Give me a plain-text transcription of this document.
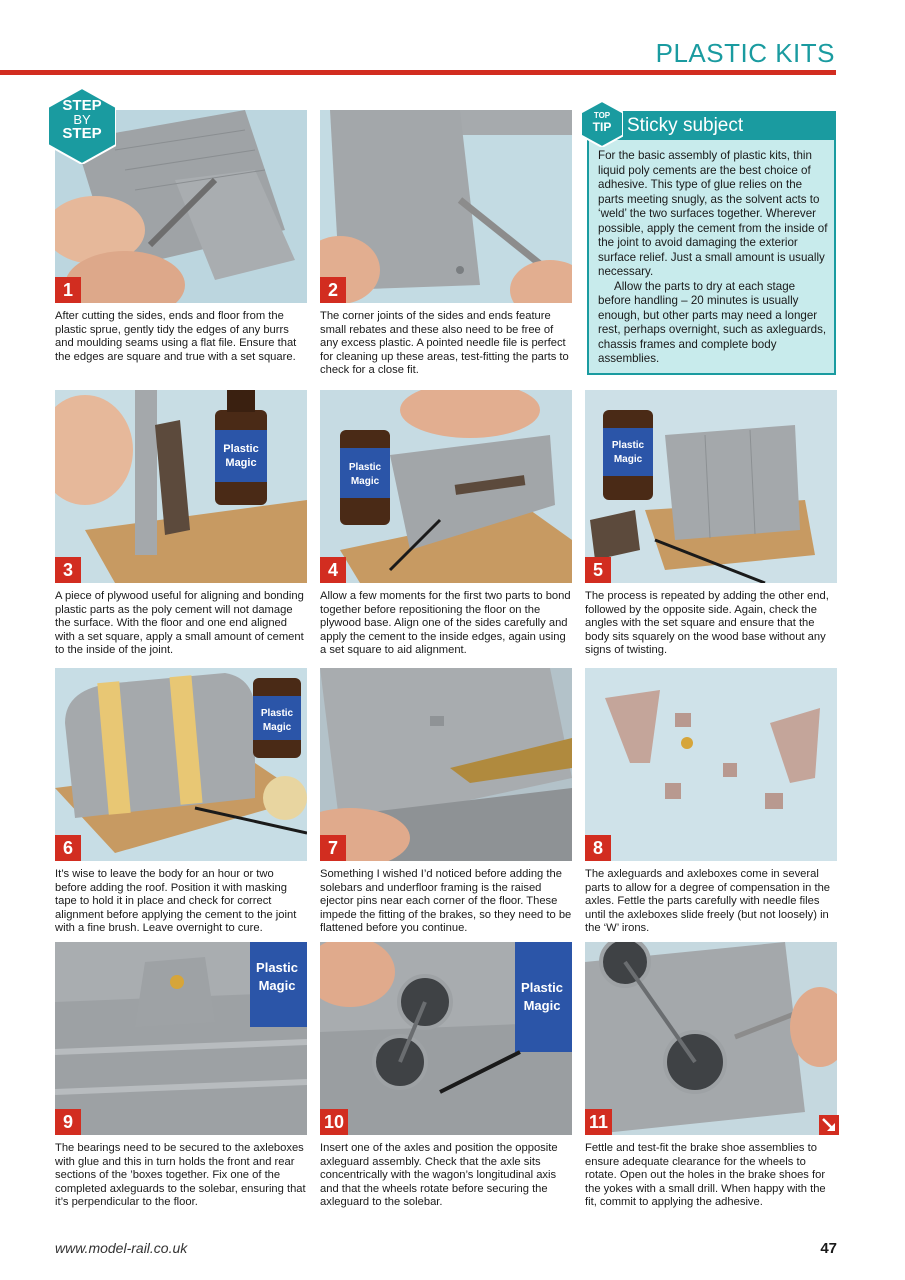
PLASTIC KITS
1
After cutting the sides, ends and floor from the plastic sprue, gently tidy the edges of any burrs and moulding seams using a flat file. Ensure that the edges are square and true with a set square.
STEP
BY
STEP
2
The corner joints of the sides and ends feature small rebates and these also need to be free of any excess plastic. A pointed needle file is perfect for cleaning up these areas, test-fitting the parts to check for a close fit.
Sticky subject
TOP
TIP

For the basic assembly of plastic kits, thin liquid poly cements are the best choice of adhesive. This type of glue relies on the parts meeting snugly, as the solvent acts to ‘weld’ the two surfaces together. Wherever possible, apply the cement from the inside of the joint to avoid damaging the exterior surface relief. Just a small amount is usually necessary.

Allow the parts to dry at each stage before handling – 20 minutes is usually enough, but other parts may need a longer rest, perhaps overnight, such as axleguards, chassis frames and complete body assemblies.

Plastic
Magic
3
A piece of plywood useful for aligning and bonding plastic parts as the poly cement will not damage the surface. With the floor and one end aligned with a set square, apply a small amount of cement to the inside of the joint.
Plastic
Magic
4
Allow a few moments for the first two parts to bond together before repositioning the floor on the plywood base. Align one of the sides carefully and apply the cement to the inside edges, again using a set square to aid alignment.
Plastic
Magic
5
The process is repeated by adding the other end, followed by the opposite side. Again, check the angles with the set square and ensure that the body sits squarely on the wood base without any signs of twisting.
Plastic
Magic
6
It’s wise to leave the body for an hour or two before adding the roof. Position it with masking tape to hold it in place and check for correct alignment before applying the cement to the joint with a fine brush. Leave overnight to cure.
7
Something I wished I’d noticed before adding the solebars and underfloor framing is the raised ejector pins near each corner of the floor. These impede the fitting of the brakes, so they need to be flattened before you continue.
8
The axleguards and axleboxes come in several parts to allow for a degree of compensation in the axles. Fettle the parts carefully with needle files until the axleboxes slide freely (but not loosely) in the ‘W’ irons.
Plastic
Magic
9
The bearings need to be secured to the axleboxes with glue and this in turn holds the front and rear sections of the ’boxes together. Fix one of the completed axleguards to the solebar, ensuring that it’s perpendicular to the floor.
Plastic
Magic
10
Insert one of the axles and position the opposite axleguard assembly. Check that the axle sits concentrically with the wagon’s longitudinal axis and that the wheels rotate before securing the axleguard to the solebar.
11
Fettle and test-fit the brake shoe assemblies to ensure adequate clearance for the wheels to rotate. Open out the holes in the brake shoes for the yokes with a small drill. When happy with the fit, commit to applying the adhesive.
www.model-rail.co.uk	47
